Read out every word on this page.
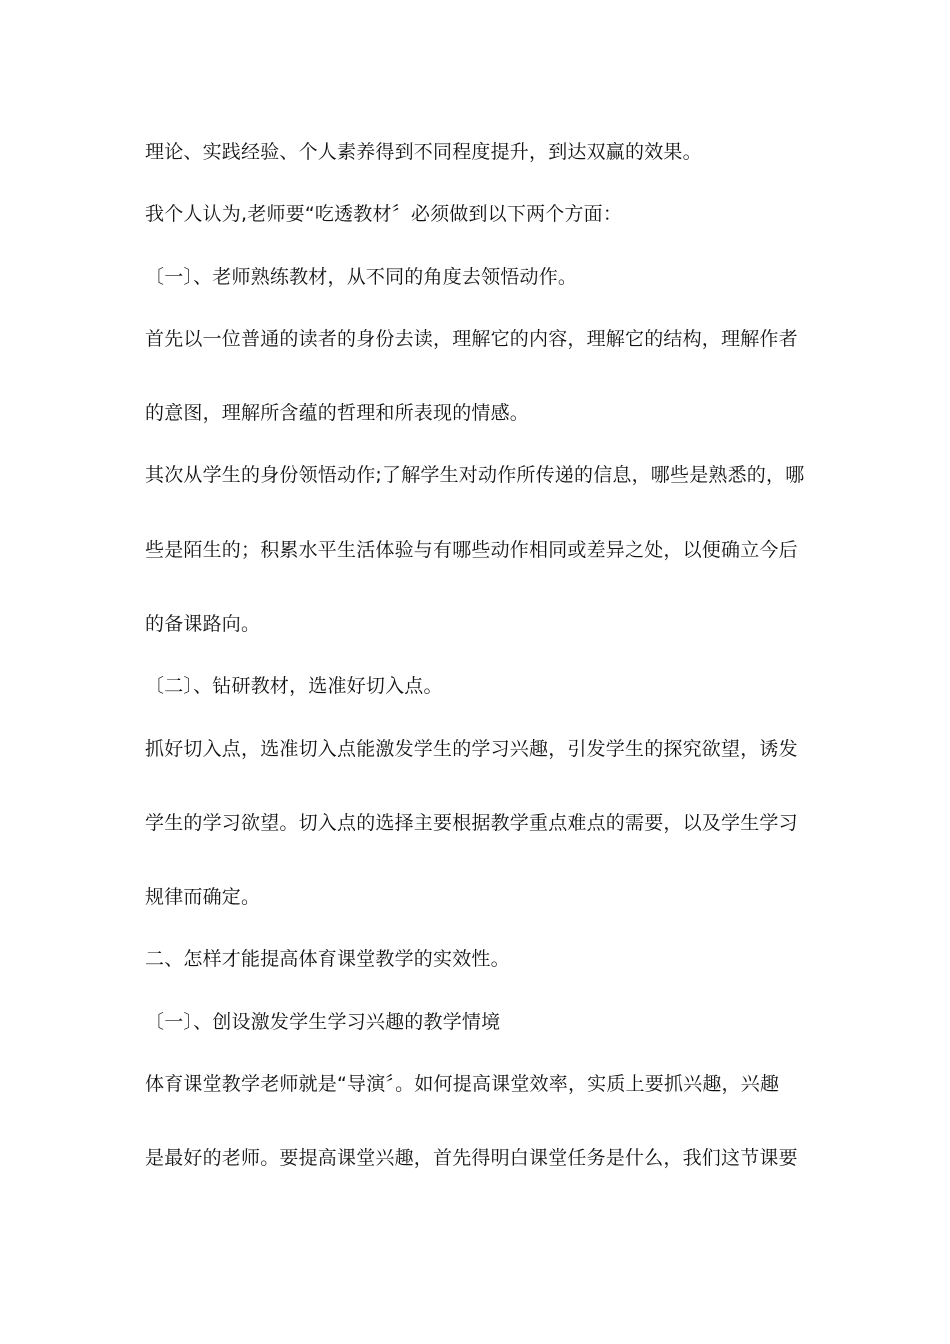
理论、实践经验、个人素养得到不同程度提升，到达双赢的效果。
我个人认为,老师要“吃透教材〞必须做到以下两个方面：
〔一〕、老师熟练教材，从不同的角度去领悟动作。
首先以一位普通的读者的身份去读，理解它的内容，理解它的结构，理解作者
的意图，理解所含蕴的哲理和所表现的情感。
其次从学生的身份领悟动作;了解学生对动作所传递的信息，哪些是熟悉的，哪
些是陌生的；积累水平生活体验与有哪些动作相同或差异之处，以便确立今后
的备课路向。
〔二〕、钻研教材，选准好切入点。
抓好切入点，选准切入点能激发学生的学习兴趣，引发学生的探究欲望，诱发
学生的学习欲望。切入点的选择主要根据教学重点难点的需要，以及学生学习
规律而确定。
二、怎样才能提高体育课堂教学的实效性。
〔一〕、创设激发学生学习兴趣的教学情境
体育课堂教学老师就是“导演〞。如何提高课堂效率，实质上要抓兴趣，兴趣
是最好的老师。要提高课堂兴趣，首先得明白课堂任务是什么，我们这节课要
